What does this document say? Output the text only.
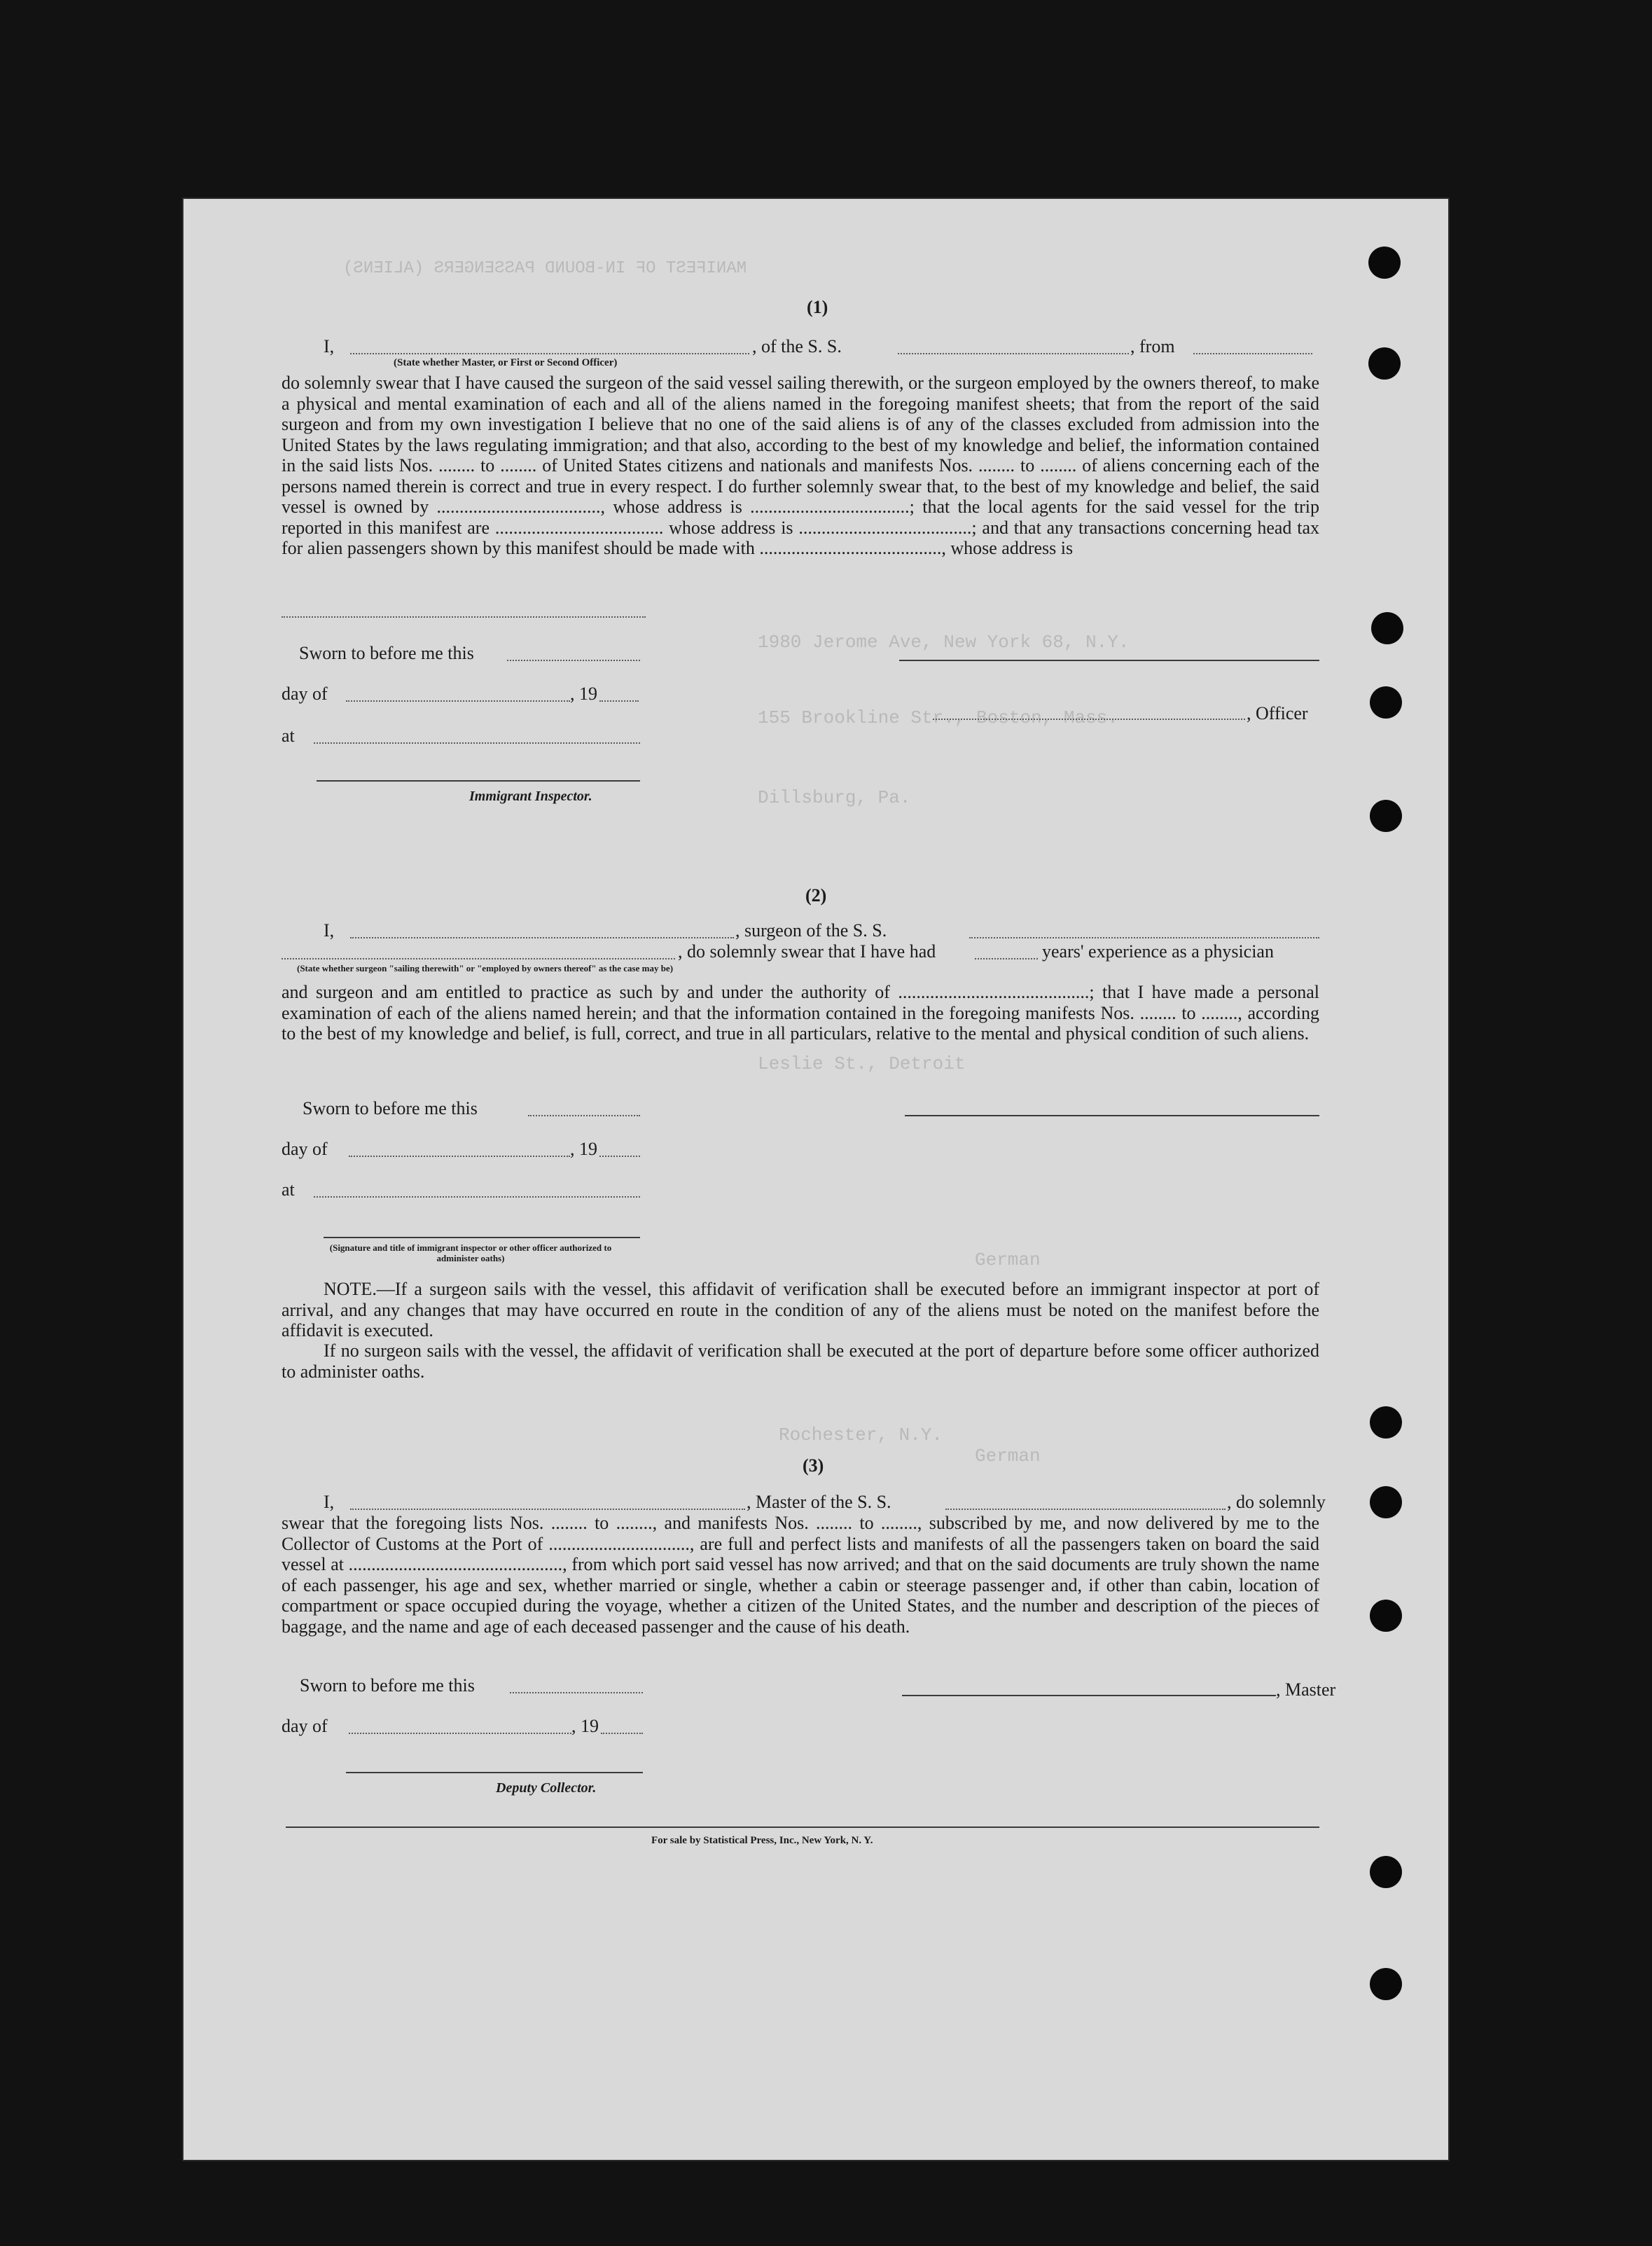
MANIFEST OF IN-BOUND PASSENGERS (ALIENS)
1980 Jerome Ave, New York 68, N.Y.
155 Brookline Str., Boston, Mass.
Dillsburg, Pa.
Leslie St., Detroit
German
German
Rochester, N.Y.
(1)
I,
(State whether Master, or First or Second Officer)
, of the S. S.	, from
do solemnly swear that I have caused the surgeon of the said vessel sailing therewith, or the surgeon employed by the owners thereof, to make a physical and mental examination of each and all of the aliens named in the foregoing manifest sheets; that from the report of the said surgeon and from my own investigation I believe that no one of the said aliens is of any of the classes excluded from admission into the United States by the laws regulating immigration; and that also, according to the best of my knowledge and belief, the information contained in the said lists Nos. ........ to ........ of United States citizens and nationals and manifests Nos. ........ to ........ of aliens concerning each of the persons named therein is correct and true in every respect. I do further solemnly swear that, to the best of my knowledge and belief, the said vessel is owned by ...................................., whose address is ...................................; that the local agents for the said vessel for the trip reported in this manifest are ..................................... whose address is ......................................; and that any transactions concerning head tax for alien passengers shown by this manifest should be made with ........................................, whose address is
Sworn to before me this
day of	, 19
at
Immigrant Inspector.
, Officer
(2)
I,	, surgeon of the S. S.
, do solemnly swear that I have had	years' experience as a physician
(State whether surgeon "sailing therewith" or "employed by owners thereof" as the case may be)
and surgeon and am entitled to practice as such by and under the authority of ..........................................; that I have made a personal examination of each of the aliens named herein; and that the information contained in the foregoing manifests Nos. ........ to ........, according to the best of my knowledge and belief, is full, correct, and true in all particulars, relative to the mental and physical condition of such aliens.
Sworn to before me this
day of	, 19
at
(Signature and title of immigrant inspector or other officer authorized to administer oaths)
NOTE.—If a surgeon sails with the vessel, this affidavit of verification shall be executed before an immigrant inspector at port of arrival, and any changes that may have occurred en route in the condition of any of the aliens must be noted on the manifest before the affidavit is executed.
If no surgeon sails with the vessel, the affidavit of verification shall be executed at the port of departure before some officer authorized to administer oaths.
(3)
I,	, Master of the S. S.	, do solemnly
swear that the foregoing lists Nos. ........ to ........, and manifests Nos. ........ to ........, subscribed by me, and now delivered by me to the Collector of Customs at the Port of ..............................., are full and perfect lists and manifests of all the passengers taken on board the said vessel at ..............................................., from which port said vessel has now arrived; and that on the said documents are truly shown the name of each passenger, his age and sex, whether married or single, whether a cabin or steerage passenger and, if other than cabin, location of compartment or space occupied during the voyage, whether a citizen of the United States, and the number and description of the pieces of baggage, and the name and age of each deceased passenger and the cause of his death.
Sworn to before me this
day of	, 19
Deputy Collector.
, Master
For sale by Statistical Press, Inc., New York, N. Y.
